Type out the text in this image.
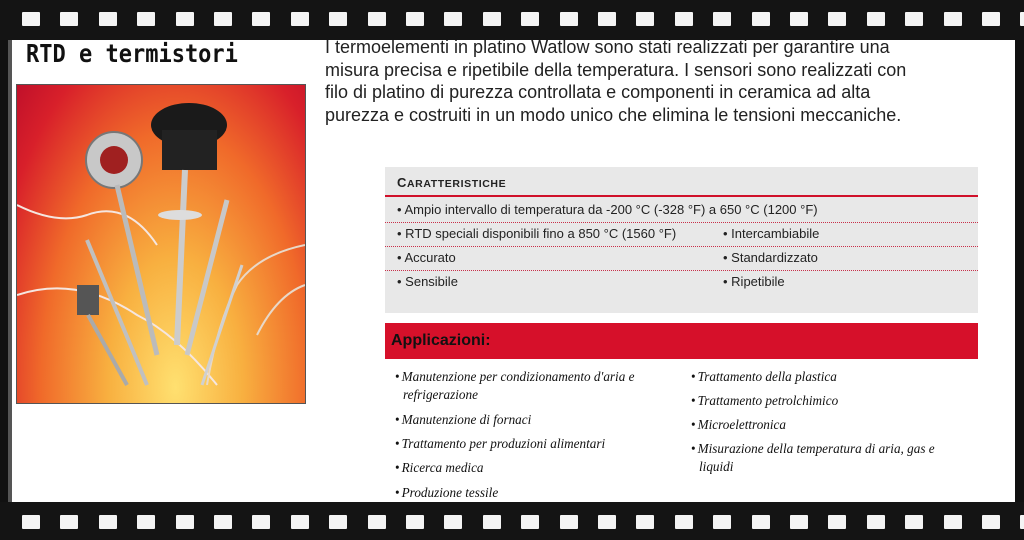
RTD e termistori	I termoelementi in platino Watlow sono stati realizzati per garantire una
misura precisa e ripetibile della temperatura. I sensori sono realizzati con
filo di platino di purezza controllata e componenti in ceramica ad alta
purezza e costruiti in un modo unico che elimina le tensioni meccaniche.
CARATTERISTICHE
• Ampio intervallo di temperatura da -200 °C (-328 °F) a 650 °C (1200 °F)
• RTD speciali disponibili fino a 850 °C (1560 °F)	• Intercambiabile
• Accurato	• Standardizzato
• Sensibile	• Ripetibile
Applicazioni:
• Manutenzione per condizionamento d'aria e
refrigerazione
• Manutenzione di fornaci
• Trattamento per produzioni alimentari
• Ricerca medica
• Produzione tessile
• Trattamento della plastica
• Trattamento petrolchimico
• Microelettronica
• Misurazione della temperatura di aria, gas e
liquidi
